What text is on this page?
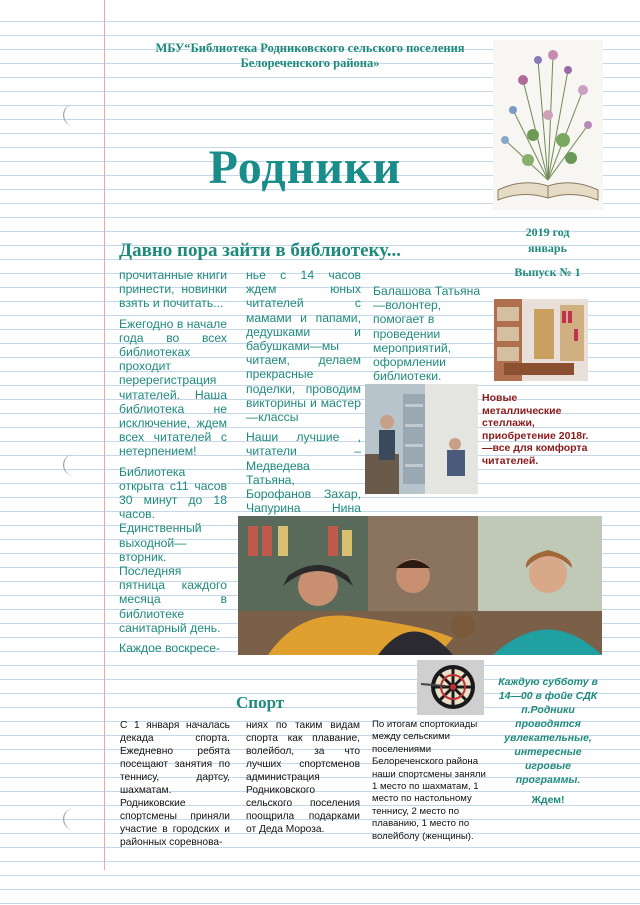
МБУ“Библиотека Родниковского сельского поселения
Белореченского района»
Родники
2019 год
январь
Выпуск № 1
Давно пора зайти в библиотеку...

прочитанные книги принести, новинки взять и почитать...

Ежегодно в начале года во всех библиотеках проходит перерегистрация читателей. Наша библиотека не исключение, ждем всех читателей с нетерпением!

Библиотека открыта с11 часов 30 минут до 18 часов. Единственный выходной—вторник. Последняя пятница каждого месяца в библиотеке санитарный день.

Каждое воскресе-

нье с 14 часов ждем юных читателей с мамами и папами, дедушками и бабушками—мы читаем, делаем прекрасные поделки, проводим викторины и мастер—классы

Наши лучшие , читатели –Медведева Татьяна, Борофанов Захар, Чапурина Нина

Балашова Татьяна—волонтер, помогает в проведении мероприятий, оформлении библиотеки.

Новые металлические стеллажи, приобретение 2018г.—все для комфорта читателей.
Спорт
С 1 января началась декада спорта. Ежедневно ребята посещают занятия по теннису, дартсу, шахматам. Родниковские спортсмены приняли участие в городских и районных соревнова-
ниях по таким видам спорта как плавание, волейбол, за что лучших спортсменов администрация Родниковского сельского поселения поощрила подарками от Деда Мороза.
По итогам спортокиады между сельскими поселениями Белореченского района наши спортсмены заняли 1 место по шахматам, 1 место по настольному теннису, 2 место по плаванию, 1 место по волейболу (женщины).
Каждую субботу в 14—00 в фойе СДК п.Родники проводятся увлекательные, интересные игровые программы.
Ждем!
